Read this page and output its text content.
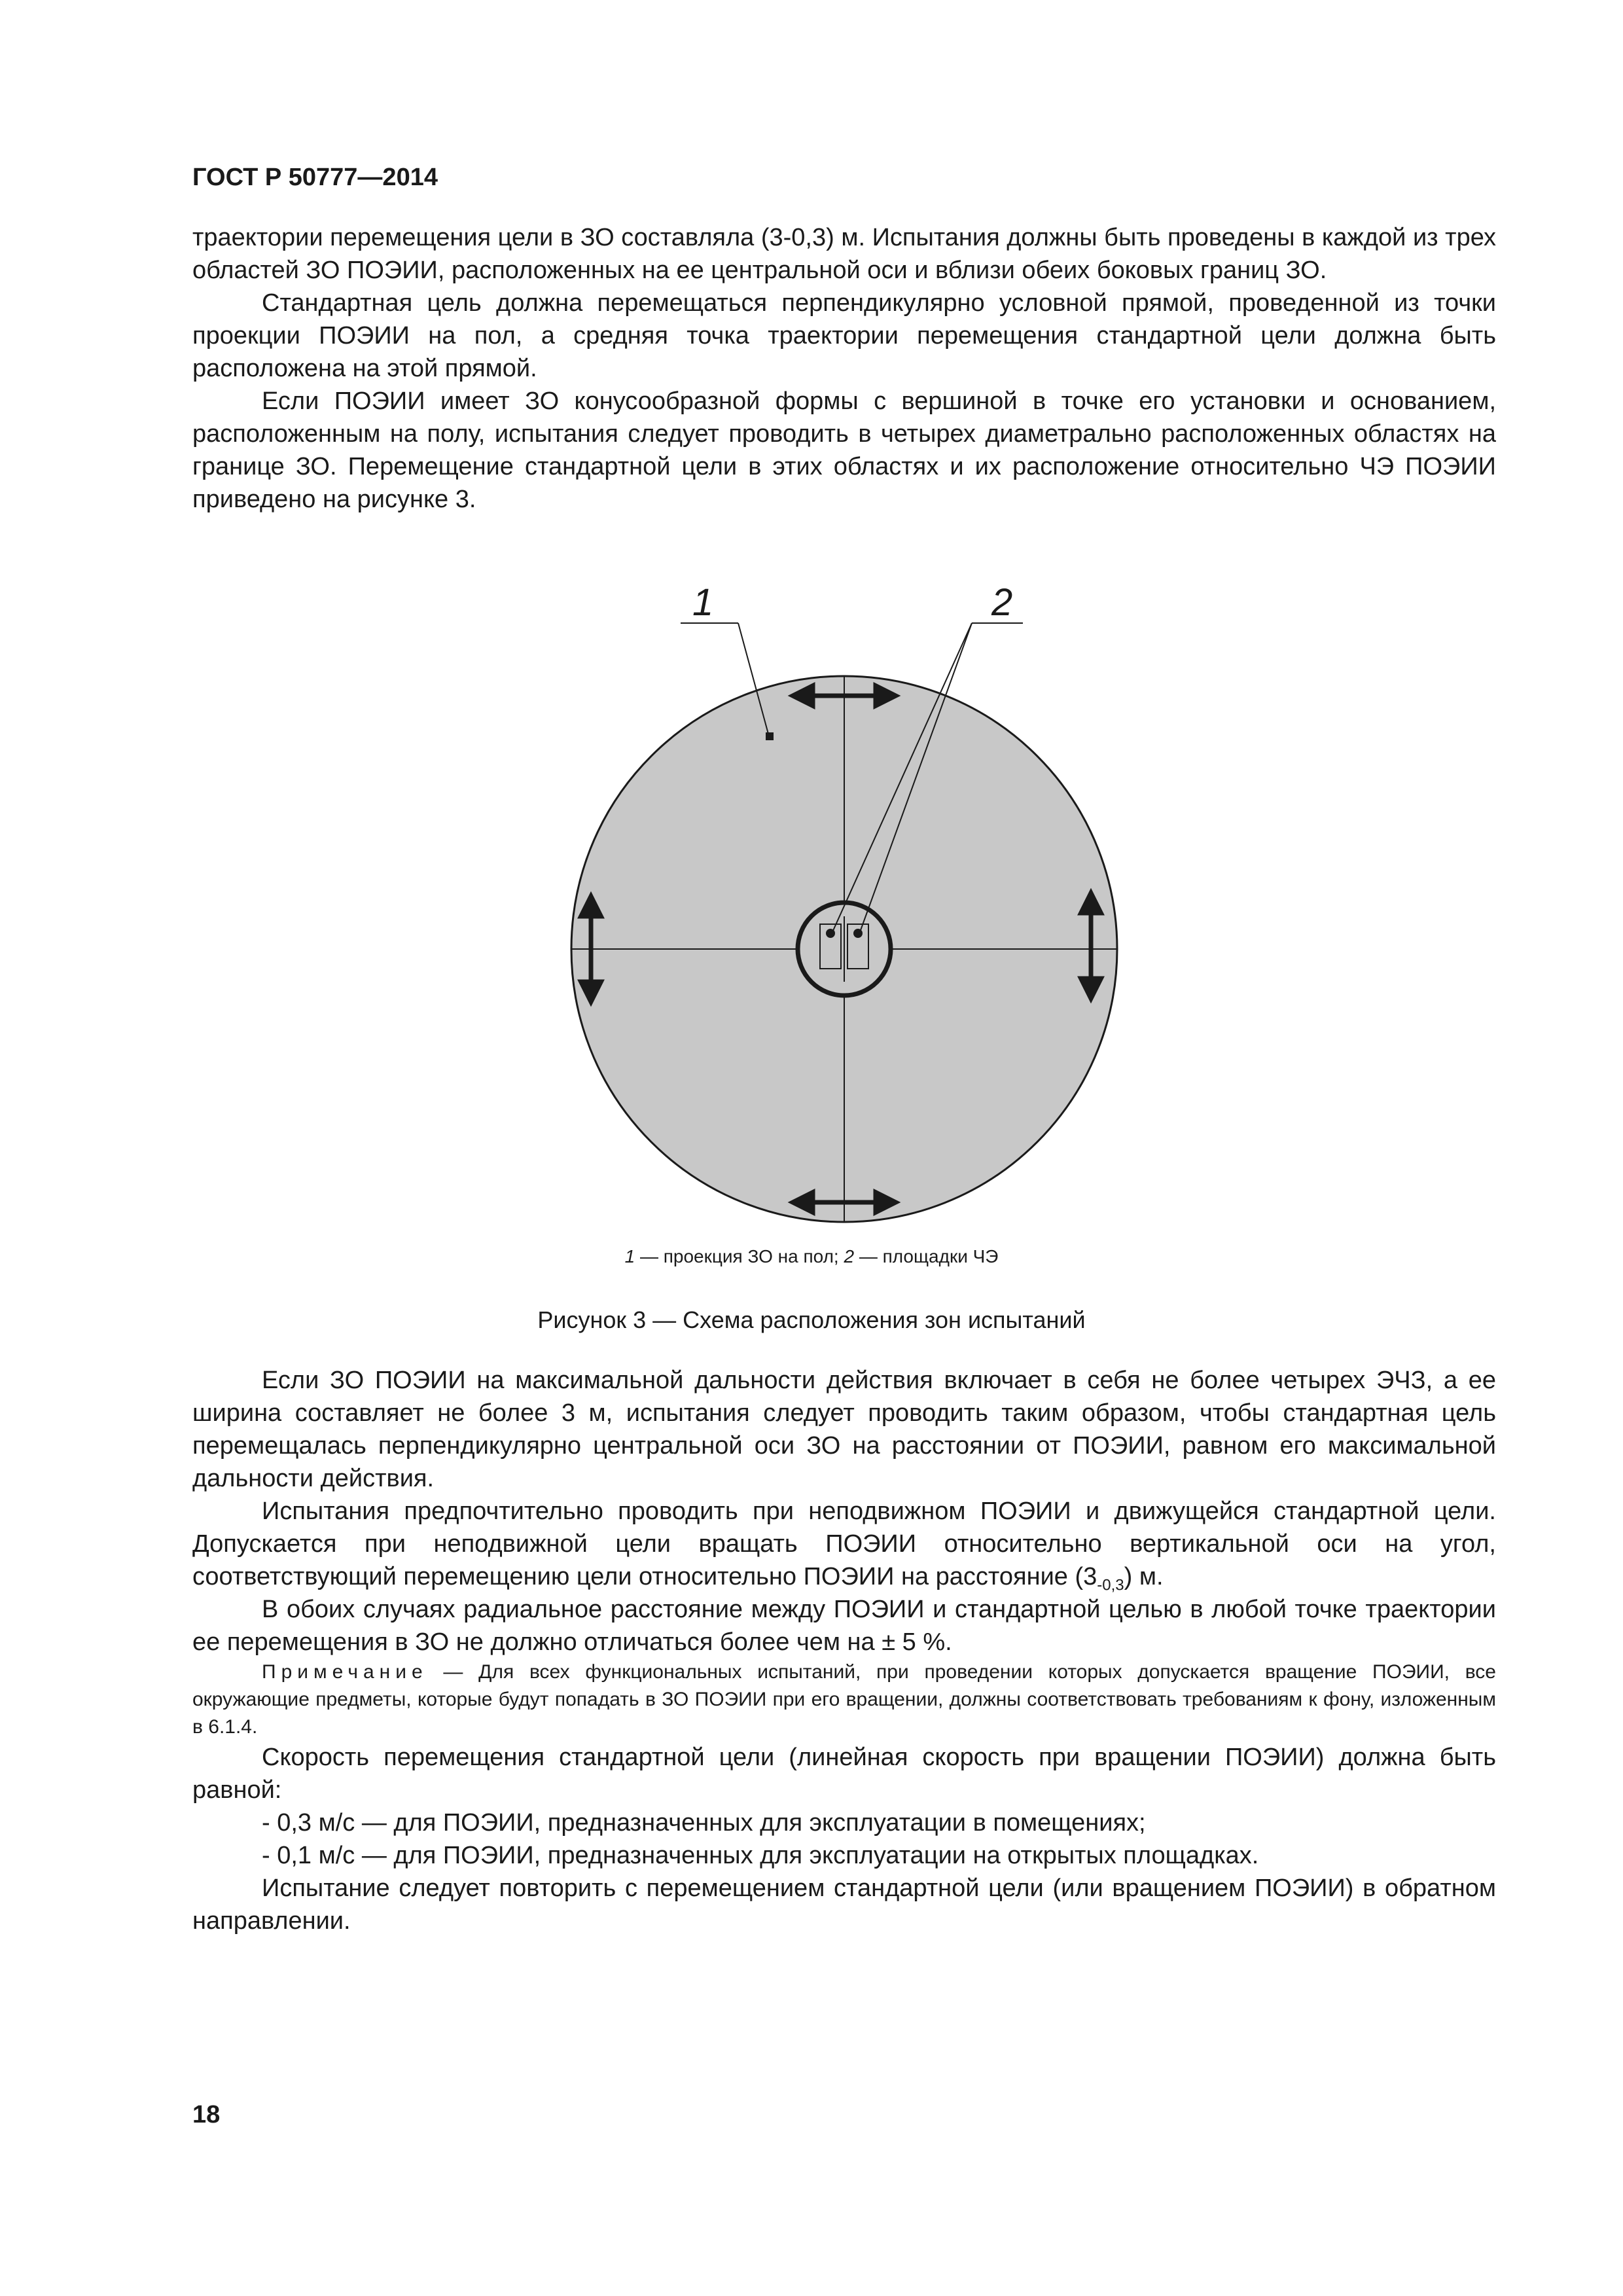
ГОСТ Р 50777—2014

траектории перемещения цели в ЗО составляла (3-0,3) м. Испытания должны быть проведены в каждой из трех областей ЗО ПОЭИИ, расположенных на ее центральной оси и вблизи обеих боковых границ ЗО.

Стандартная цель должна перемещаться перпендикулярно условной прямой, проведенной из точки проекции ПОЭИИ на пол, а средняя точка траектории перемещения стандартной цели должна быть расположена на этой прямой.

Если ПОЭИИ имеет ЗО конусообразной формы с вершиной в точке его установки и основанием, расположенным на полу, испытания следует проводить в четырех диаметрально расположенных областях на границе ЗО. Перемещение стандартной цели в этих областях и их расположение относительно ЧЭ ПОЭИИ приведено на рисунке 3.

1	2
1 — проекция ЗО на пол; 2 — площадки ЧЭ
Рисунок 3 — Схема расположения зон испытаний

Если ЗО ПОЭИИ на максимальной дальности действия включает в себя не более четырех ЭЧЗ, а ее ширина составляет не более 3 м, испытания следует проводить таким образом, чтобы стандартная цель перемещалась перпендикулярно центральной оси ЗО на расстоянии от ПОЭИИ, равном его максимальной дальности действия.

Испытания предпочтительно проводить при неподвижном ПОЭИИ и движущейся стандартной цели. Допускается при неподвижной цели вращать ПОЭИИ относительно вертикальной оси на угол, соответствующий перемещению цели относительно ПОЭИИ на расстояние $(3_{-0,3})$ м.

В обоих случаях радиальное расстояние между ПОЭИИ и стандартной целью в любой точке траектории ее перемещения в ЗО не должно отличаться более чем на ± 5 %.

Примечание — Для всех функциональных испытаний, при проведении которых допускается вращение ПОЭИИ, все окружающие предметы, которые будут попадать в ЗО ПОЭИИ при его вращении, должны соответствовать требованиям к фону, изложенным в 6.1.4.

Скорость перемещения стандартной цели (линейная скорость при вращении ПОЭИИ) должна быть равной:

- 0,3 м/с — для ПОЭИИ, предназначенных для эксплуатации в помещениях;

- 0,1 м/с — для ПОЭИИ, предназначенных для эксплуатации на открытых площадках.

Испытание следует повторить с перемещением стандартной цели (или вращением ПОЭИИ) в обратном направлении.

18
